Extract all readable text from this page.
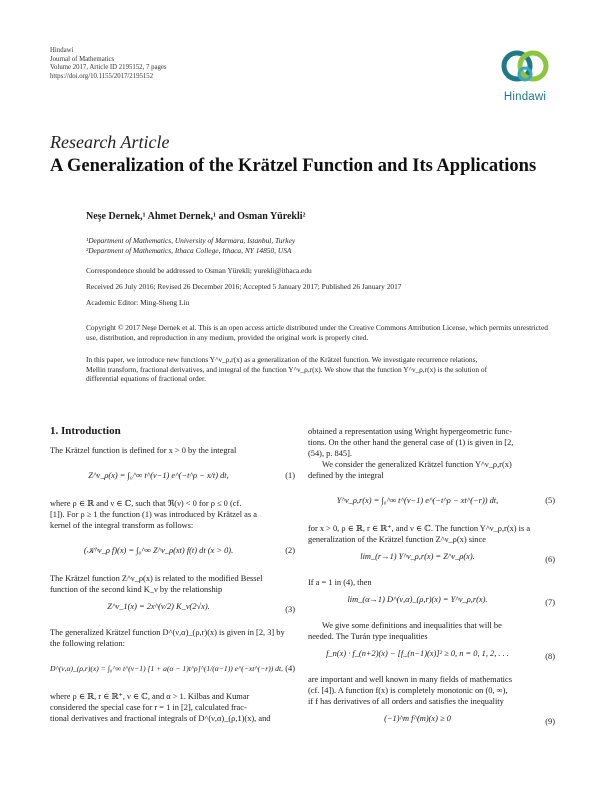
Hindawi
Journal of Mathematics
Volume 2017, Article ID 2195152, 7 pages
https://doi.org/10.1155/2017/2195152
Hindawi
Research Article
A Generalization of the Krätzel Function and Its Applications
Neşe Dernek,¹ Ahmet Dernek,¹ and Osman Yürekli²
¹Department of Mathematics, University of Marmara, Istanbul, Turkey
²Department of Mathematics, Ithaca College, Ithaca, NY 14850, USA
Correspondence should be addressed to Osman Yürekli; yurekli@ithaca.edu
Received 26 July 2016; Revised 26 December 2016; Accepted 5 January 2017; Published 26 January 2017
Academic Editor: Ming-Sheng Liu
Copyright © 2017 Neşe Dernek et al. This is an open access article distributed under the Creative Commons Attribution License, which permits unrestricted use, distribution, and reproduction in any medium, provided the original work is properly cited.
In this paper, we introduce new functions Y^ν_ρ,r(x) as a generalization of the Krätzel function. We investigate recurrence relations,
Mellin transform, fractional derivatives, and integral of the function Y^ν_ρ,r(x). We show that the function Y^ν_ρ,r(x) is the solution of
differential equations of fractional order.
1. Introduction
The Krätzel function is defined for x > 0 by the integral
Z^ν_ρ(x) = ∫₀^∞ t^(ν−1) e^(−t^ρ − x/t) dt,	(1)
where ρ ∈ ℝ and ν ∈ ℂ, such that ℜ(ν) < 0 for ρ ≤ 0 (cf.
[1]). For ρ ≥ 1 the function (1) was introduced by Krätzel as a
kernel of the integral transform as follows:
(𝒦^ν_ρ f)(x) = ∫₀^∞ Z^ν_ρ(xt) f(t) dt (x > 0).	(2)
The Krätzel function Z^ν_ρ(x) is related to the modified Bessel
function of the second kind K_ν by the relationship
Z^ν_1(x) = 2x^(ν/2) K_ν(2√x).	(3)
The generalized Krätzel function D^(ν,α)_(ρ,r)(x) is given in [2, 3] by
the following relation:
D^(ν,α)_(ρ,r)(x) = ∫₀^∞ t^(ν−1) [1 + a(α − 1)t^ρ]^(1/(α−1)) e^(−xt^(−r)) dt, (4)
where ρ ∈ ℝ, r ∈ ℝ⁺, ν ∈ ℂ, and α > 1. Kilbas and Kumar
considered the special case for r = 1 in [2], calculated frac-
tional derivatives and fractional integrals of D^(ν,α)_(ρ,1)(x), and
obtained a representation using Wright hypergeometric func-
tions. On the other hand the general case of (1) is given in [2,
(54), p. 845].
We consider the generalized Krätzel function Y^ν_ρ,r(x)
defined by the integral
Y^ν_ρ,r(x) = ∫₀^∞ t^(ν−1) e^(−t^ρ − xt^(−r)) dt,	(5)
for x > 0, ρ ∈ ℝ, r ∈ ℝ⁺, and ν ∈ ℂ. The function Y^ν_ρ,r(x) is a
generalization of the Krätzel function Z^ν_ρ(x) since
lim_(r→1) Y^ν_ρ,r(x) = Z^ν_ρ(x).	(6)
If a = 1 in (4), then
lim_(α→1) D^(ν,α)_(ρ,r)(x) = Y^ν_ρ,r(x).	(7)
We give some definitions and inequalities that will be
needed. The Turán type inequalities
f_n(x) · f_(n+2)(x) − [f_(n−1)(x)]² ≥ 0, n = 0, 1, 2, . . .	(8)
are important and well known in many fields of mathematics
(cf. [4]). A function f(x) is completely monotonic on (0, ∞),
if f has derivatives of all orders and satisfies the inequality
(−1)^m f^(m)(x) ≥ 0	(9)
